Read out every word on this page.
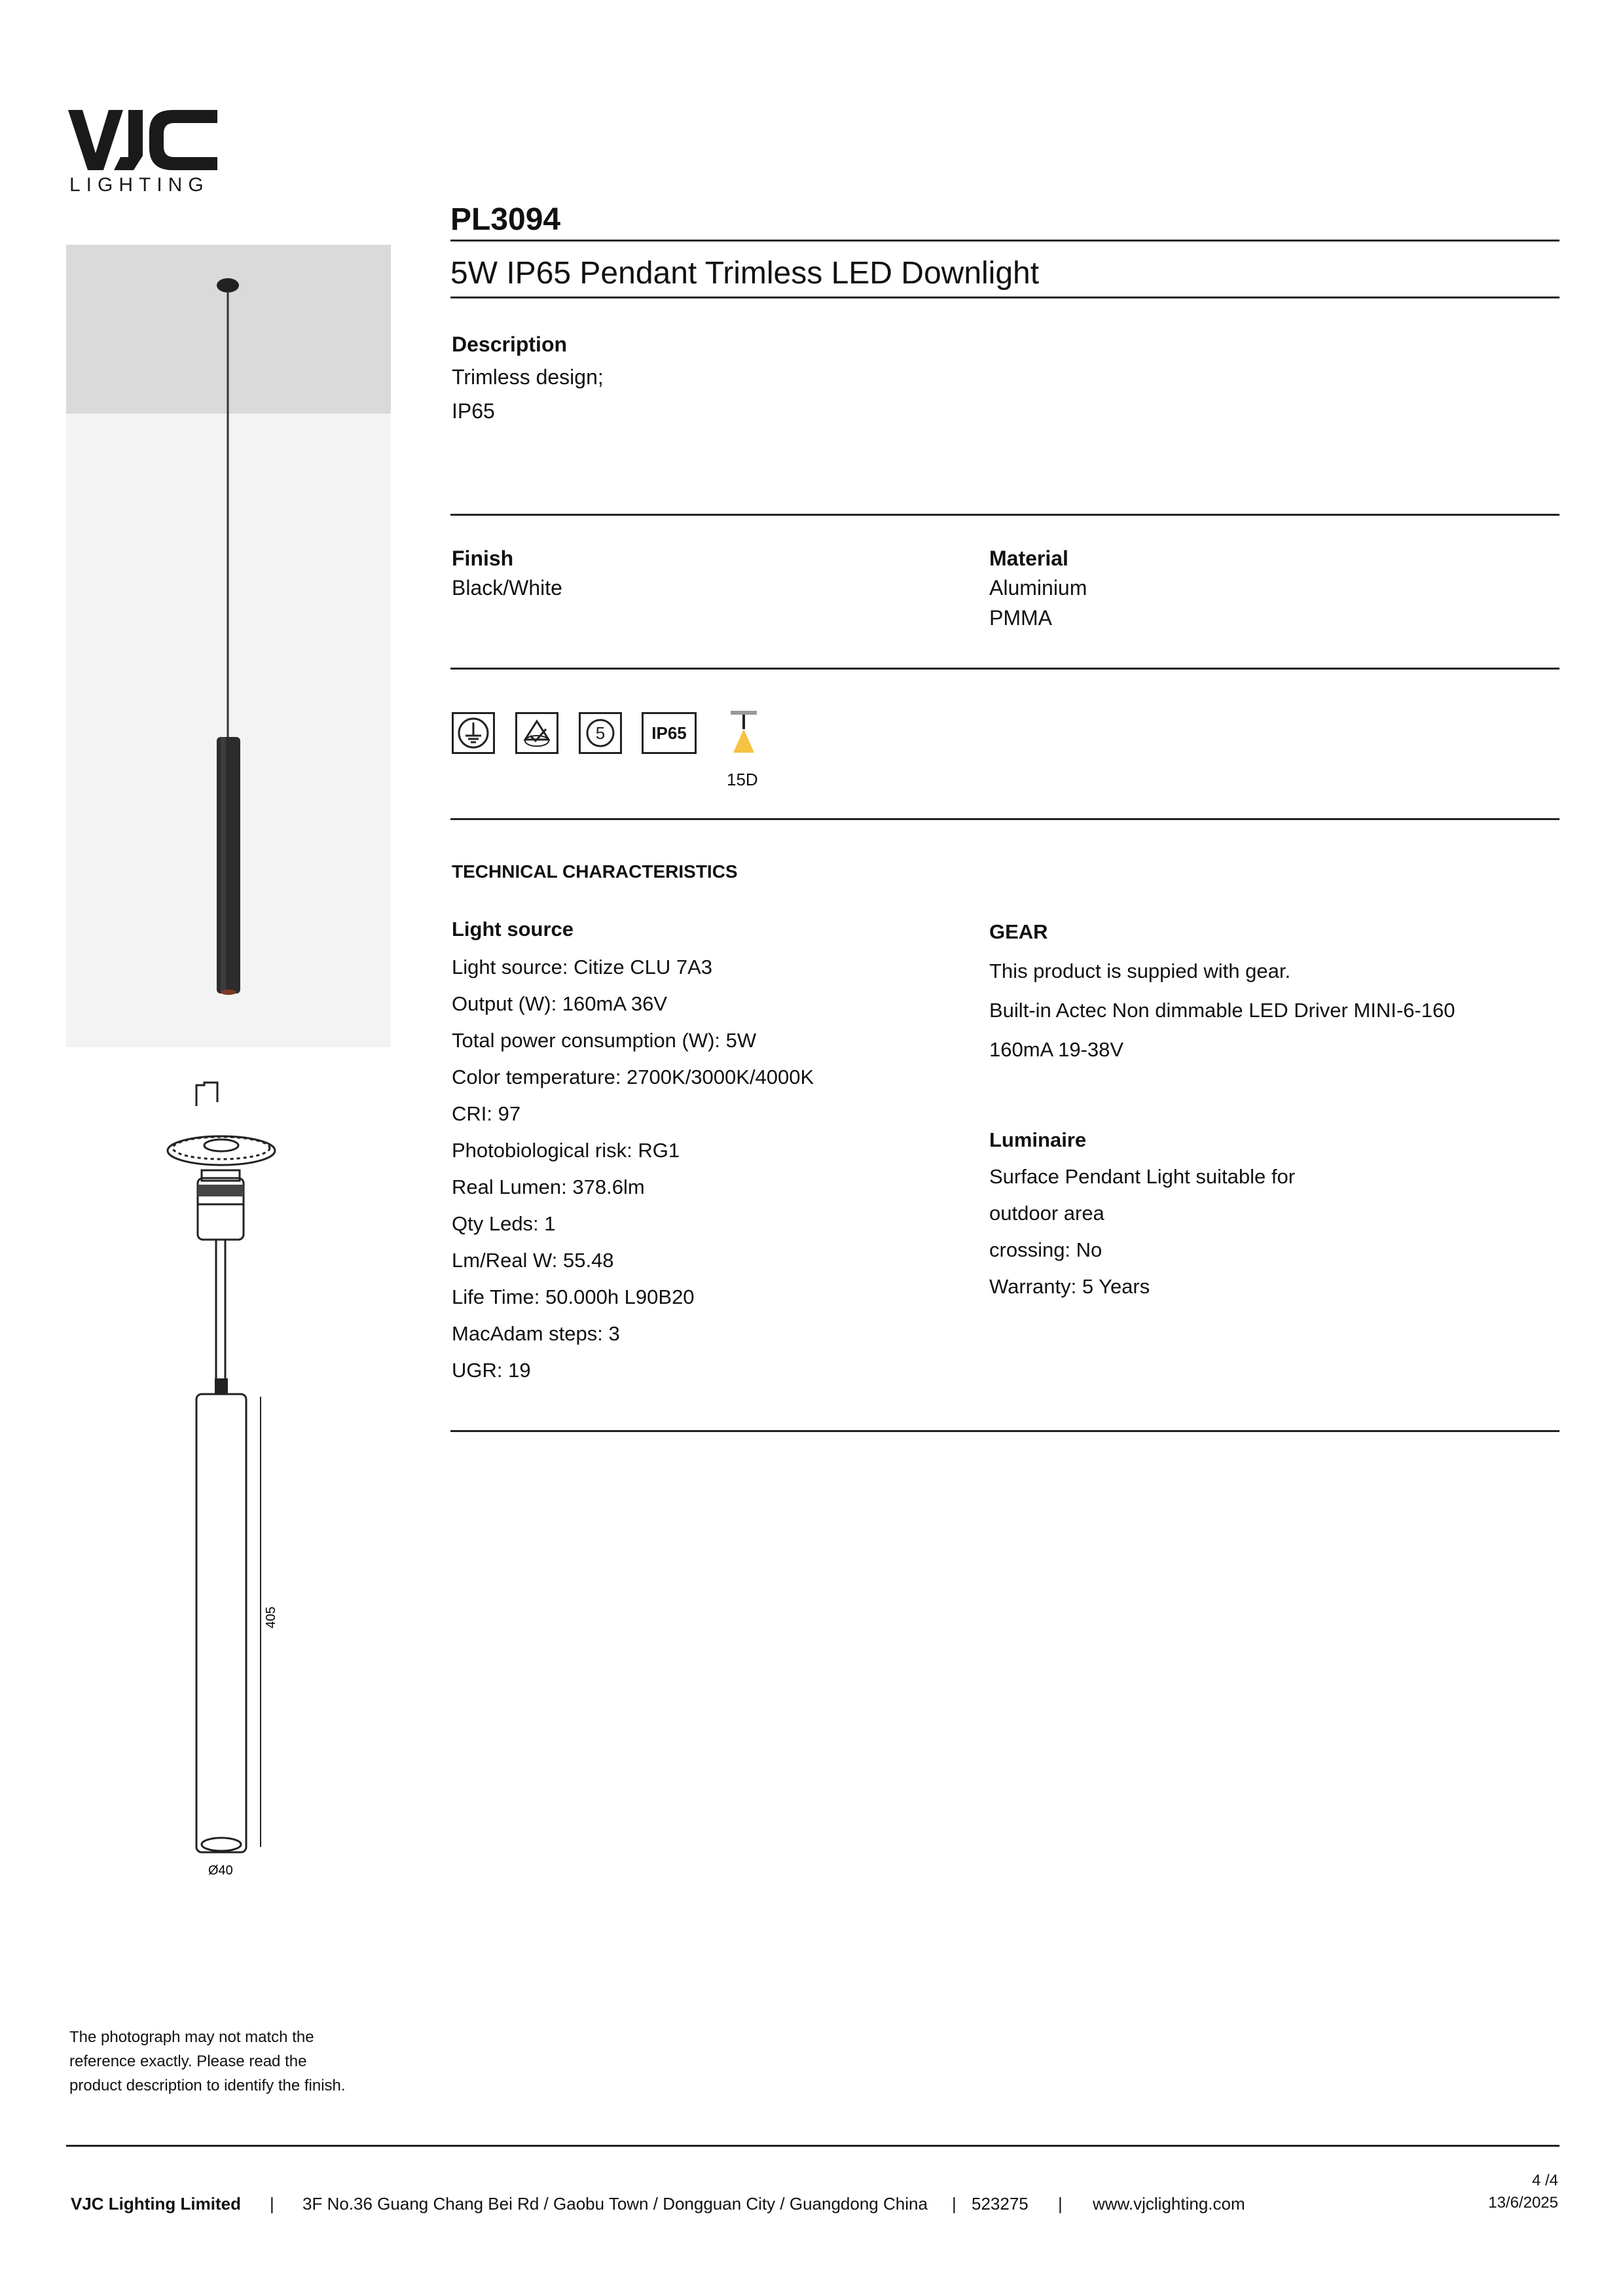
LIGHTING
405
Ø40
PL3094
5W IP65 Pendant Trimless LED Downlight
Description
Trimless design;
IP65
Finish
Black/White
Material
Aluminium
PMMA
5	IP65
15D
TECHNICAL CHARACTERISTICS
Light source
Light source: Citize CLU 7A3
Output (W): 160mA 36V
Total power consumption (W): 5W
Color temperature: 2700K/3000K/4000K
CRI: 97
Photobiological risk: RG1
Real Lumen: 378.6lm
Qty Leds: 1
Lm/Real W: 55.48
Life Time: 50.000h L90B20
MacAdam steps: 3
UGR: 19
GEAR
This product is suppied with gear.
Built-in Actec Non dimmable LED Driver MINI-6-160
160mA 19-38V
Luminaire
Surface Pendant Light suitable for
outdoor area
crossing: No
Warranty: 5 Years
The photograph may not match the
reference exactly. Please read the
product description to identify the finish.
VJC Lighting Limited | 3F No.36 Guang Chang Bei Rd / Gaobu Town / Dongguan City / Guangdong China | 523275 | www.vjclighting.com
4 /4
13/6/2025
